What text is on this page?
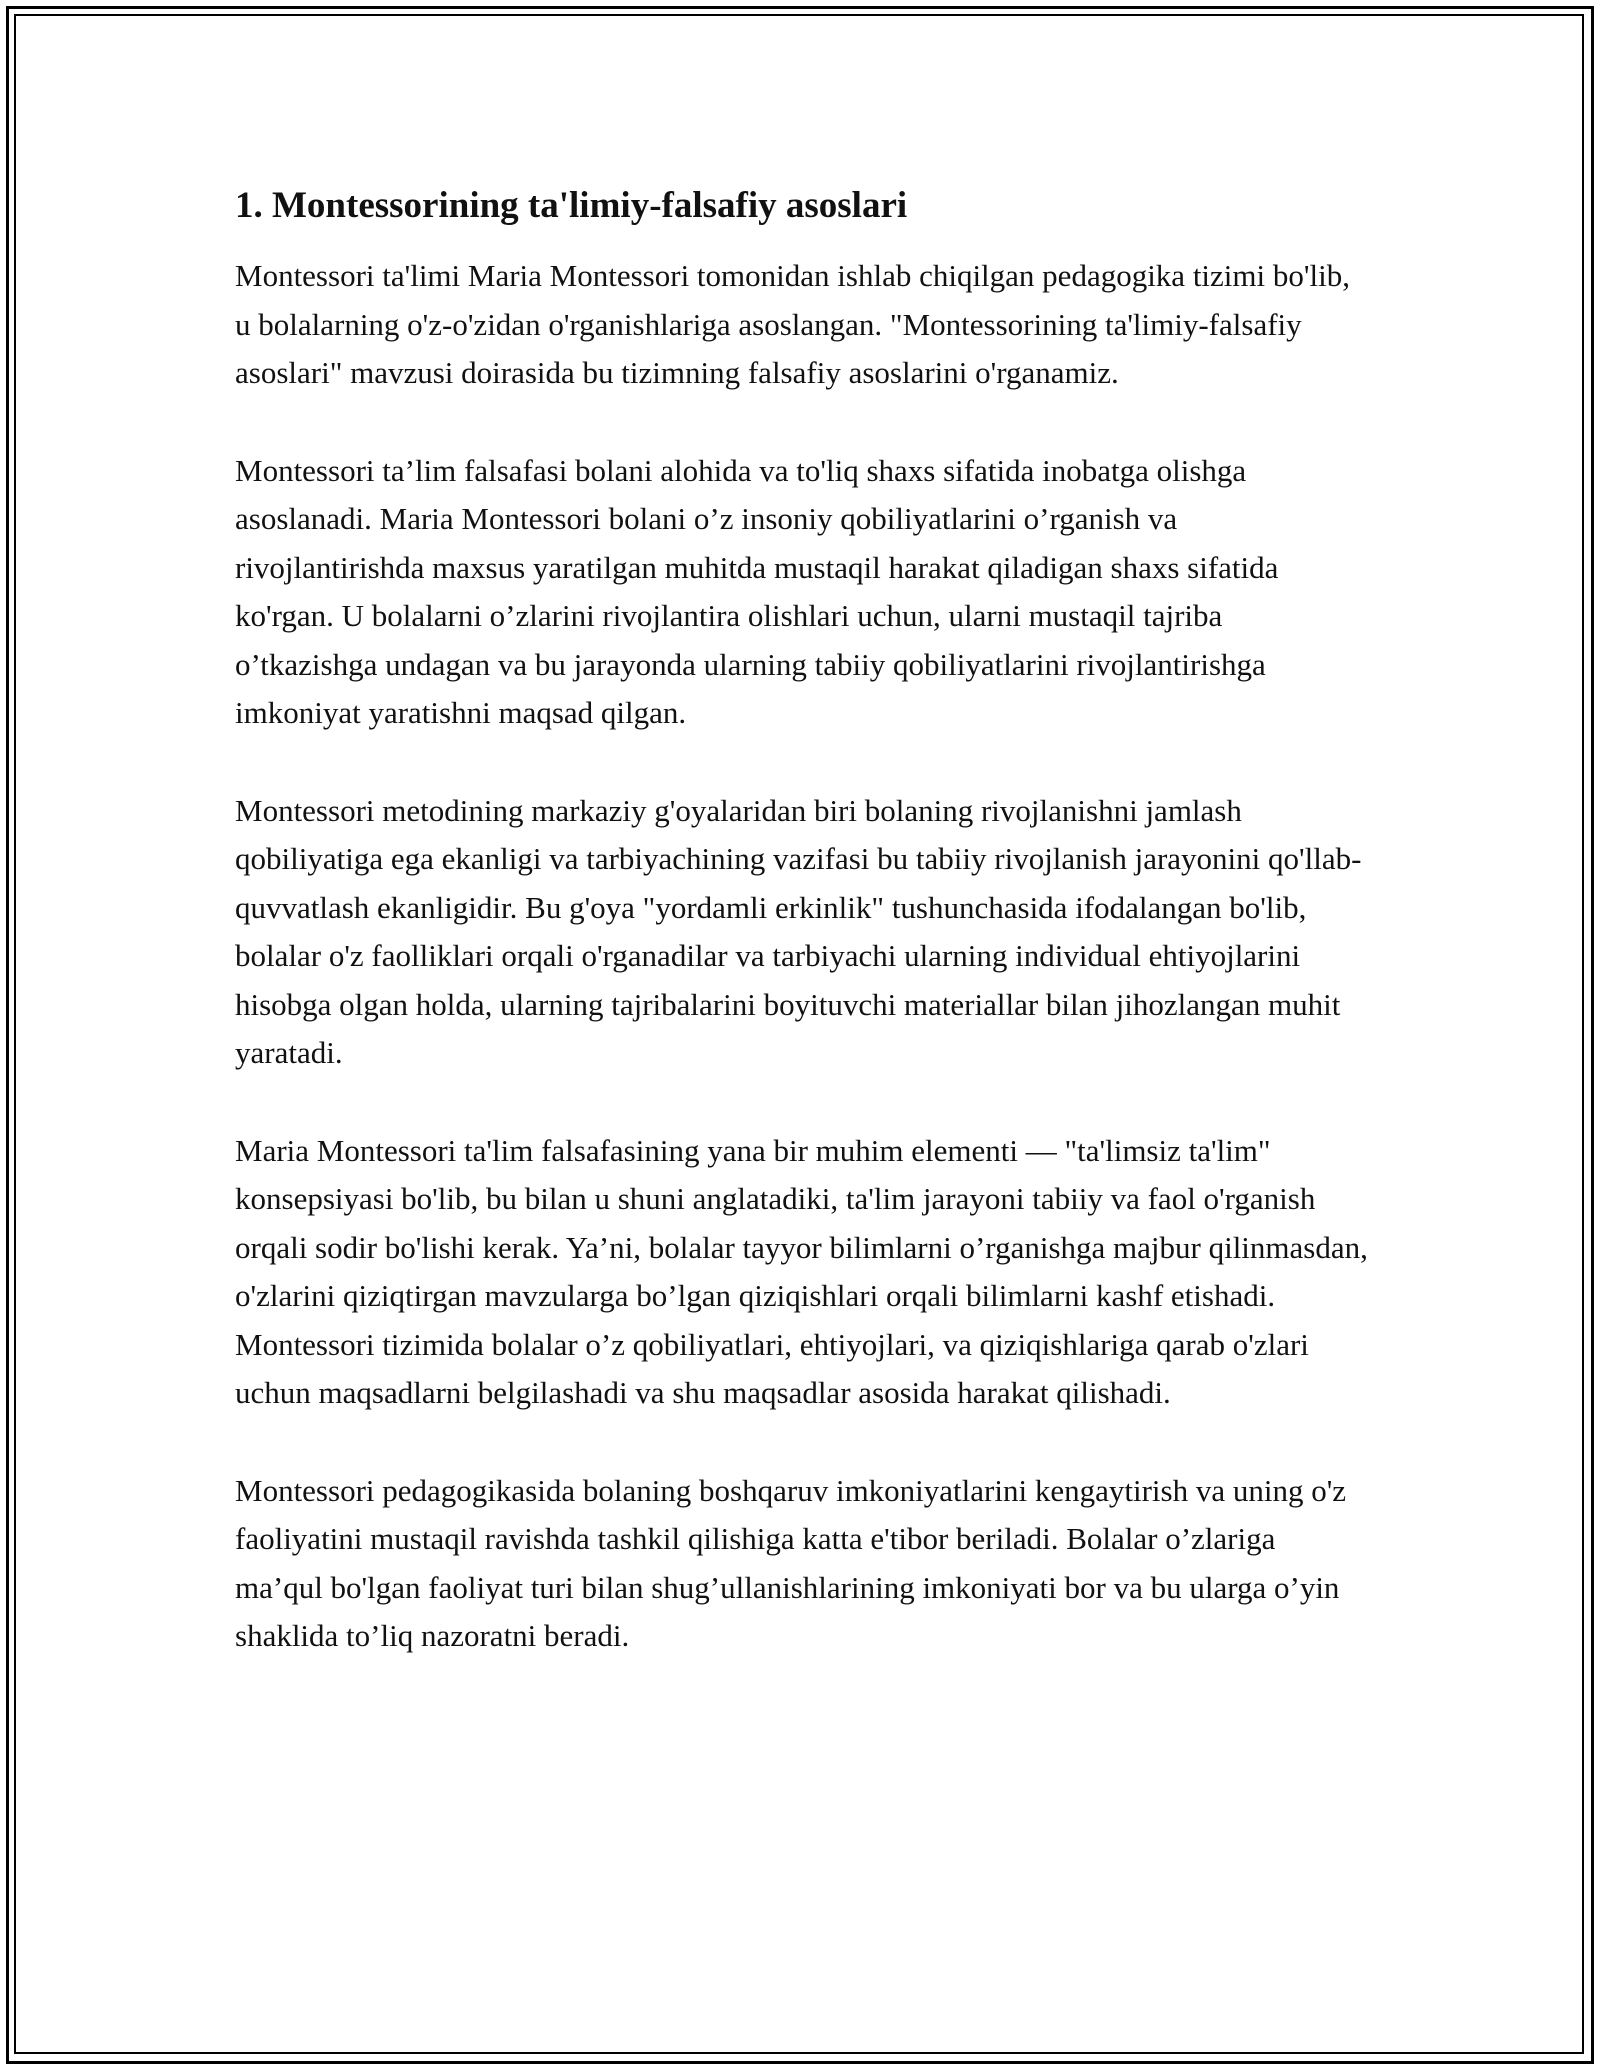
1. Montessorining ta'limiy-falsafiy asoslari

Montessori ta'limi Maria Montessori tomonidan ishlab chiqilgan pedagogika tizimi bo'lib, u bolalarning o'z-o'zidan o'rganishlariga asoslangan. "Montessorining ta'limiy-falsafiy asoslari" mavzusi doirasida bu tizimning falsafiy asoslarini o'rganamiz.

Montessori ta’lim falsafasi bolani alohida va to'liq shaxs sifatida inobatga olishga asoslanadi. Maria Montessori bolani o’z insoniy qobiliyatlarini o’rganish va rivojlantirishda maxsus yaratilgan muhitda mustaqil harakat qiladigan shaxs sifatida ko'rgan. U bolalarni o’zlarini rivojlantira olishlari uchun, ularni mustaqil tajriba o’tkazishga undagan va bu jarayonda ularning tabiiy qobiliyatlarini rivojlantirishga imkoniyat yaratishni maqsad qilgan.

Montessori metodining markaziy g'oyalaridan biri bolaning rivojlanishni jamlash qobiliyatiga ega ekanligi va tarbiyachining vazifasi bu tabiiy rivojlanish jarayonini qo'llab-quvvatlash ekanligidir. Bu g'oya "yordamli erkinlik" tushunchasida ifodalangan bo'lib, bolalar o'z faolliklari orqali o'rganadilar va tarbiyachi ularning individual ehtiyojlarini hisobga olgan holda, ularning tajribalarini boyituvchi materiallar bilan jihozlangan muhit yaratadi.

Maria Montessori ta'lim falsafasining yana bir muhim elementi — "ta'limsiz ta'lim" konsepsiyasi bo'lib, bu bilan u shuni anglatadiki, ta'lim jarayoni tabiiy va faol o'rganish orqali sodir bo'lishi kerak. Ya’ni, bolalar tayyor bilimlarni o’rganishga majbur qilinmasdan, o'zlarini qiziqtirgan mavzularga bo’lgan qiziqishlari orqali bilimlarni kashf etishadi. Montessori tizimida bolalar o’z qobiliyatlari, ehtiyojlari, va qiziqishlariga qarab o'zlari uchun maqsadlarni belgilashadi va shu maqsadlar asosida harakat qilishadi.

Montessori pedagogikasida bolaning boshqaruv imkoniyatlarini kengaytirish va uning o'z faoliyatini mustaqil ravishda tashkil qilishiga katta e'tibor beriladi. Bolalar o’zlariga ma’qul bo'lgan faoliyat turi bilan shug’ullanishlarining imkoniyati bor va bu ularga o’yin shaklida to’liq nazoratni beradi.
